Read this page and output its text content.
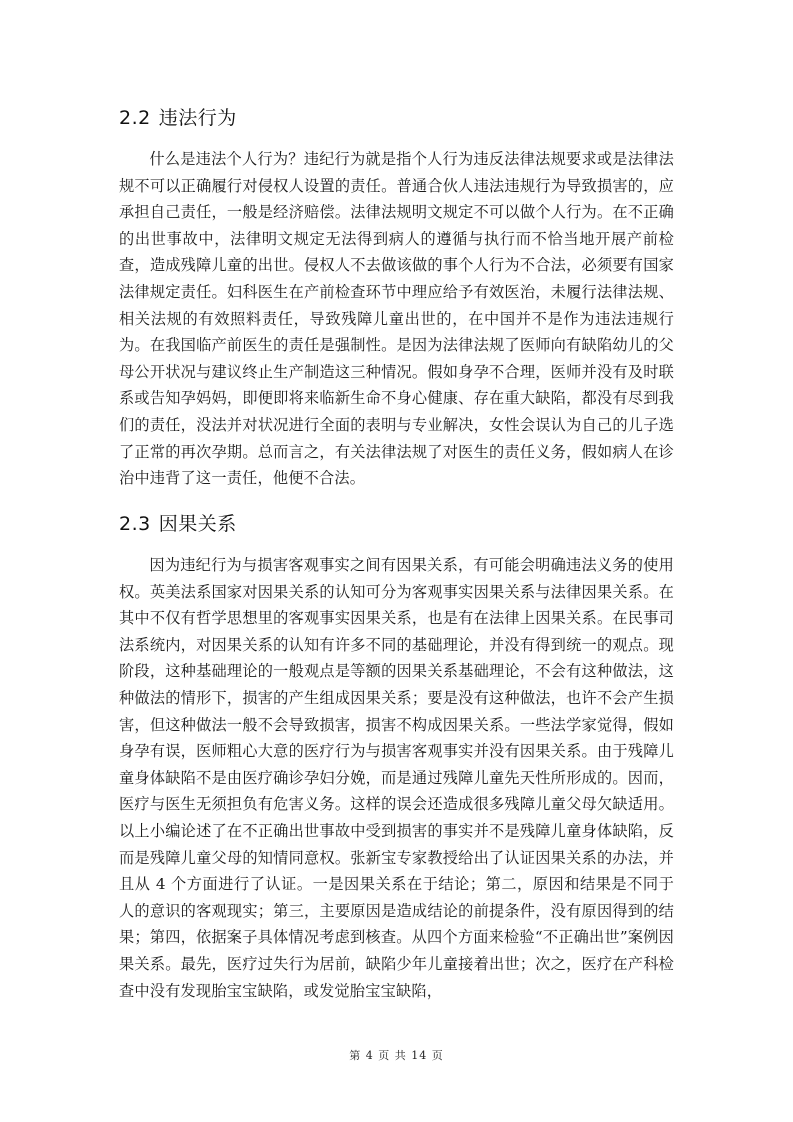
2.2 违法行为

什么是违法个人行为？违纪行为就是指个人行为违反法律法规要求或是法律法规不可以正确履行对侵权人设置的责任。普通合伙人违法违规行为导致损害的，应承担自己责任，一般是经济赔偿。法律法规明文规定不可以做个人行为。在不正确的出世事故中，法律明文规定无法得到病人的遵循与执行而不恰当地开展产前检查，造成残障儿童的出世。侵权人不去做该做的事个人行为不合法，必须要有国家法律规定责任。妇科医生在产前检查环节中理应给予有效医治，未履行法律法规、相关法规的有效照料责任，导致残障儿童出世的，在中国并不是作为违法违规行为。在我国临产前医生的责任是强制性。是因为法律法规了医师向有缺陷幼儿的父母公开状况与建议终止生产制造这三种情况。假如身孕不合理，医师并没有及时联系或告知孕妈妈，即便即将来临新生命不身心健康、存在重大缺陷，都没有尽到我们的责任，没法并对状况进行全面的表明与专业解决，女性会误认为自己的儿子选了正常的再次孕期。总而言之，有关法律法规了对医生的责任义务，假如病人在诊治中违背了这一责任，他便不合法。

2.3 因果关系

因为违纪行为与损害客观事实之间有因果关系，有可能会明确违法义务的使用权。英美法系国家对因果关系的认知可分为客观事实因果关系与法律因果关系。在其中不仅有哲学思想里的客观事实因果关系，也是有在法律上因果关系。在民事司法系统内，对因果关系的认知有许多不同的基础理论，并没有得到统一的观点。现阶段，这种基础理论的一般观点是等额的因果关系基础理论，不会有这种做法，这种做法的情形下，损害的产生组成因果关系；要是没有这种做法，也许不会产生损害，但这种做法一般不会导致损害，损害不构成因果关系。一些法学家觉得，假如身孕有误，医师粗心大意的医疗行为与损害客观事实并没有因果关系。由于残障儿童身体缺陷不是由医疗确诊孕妇分娩，而是通过残障儿童先天性所形成的。因而，医疗与医生无须担负有危害义务。这样的误会还造成很多残障儿童父母欠缺适用。以上小编论述了在不正确出世事故中受到损害的事实并不是残障儿童身体缺陷，反而是残障儿童父母的知情同意权。张新宝专家教授给出了认证因果关系的办法，并且从 4 个方面进行了认证。一是因果关系在于结论；第二，原因和结果是不同于人的意识的客观现实；第三，主要原因是造成结论的前提条件，没有原因得到的结果；第四，依据案子具体情况考虑到核查。从四个方面来检验“不正确出世”案例因果关系。最先，医疗过失行为居前，缺陷少年儿童接着出世；次之，医疗在产科检查中没有发现胎宝宝缺陷，或发觉胎宝宝缺陷，

第 4 页 共 14 页
